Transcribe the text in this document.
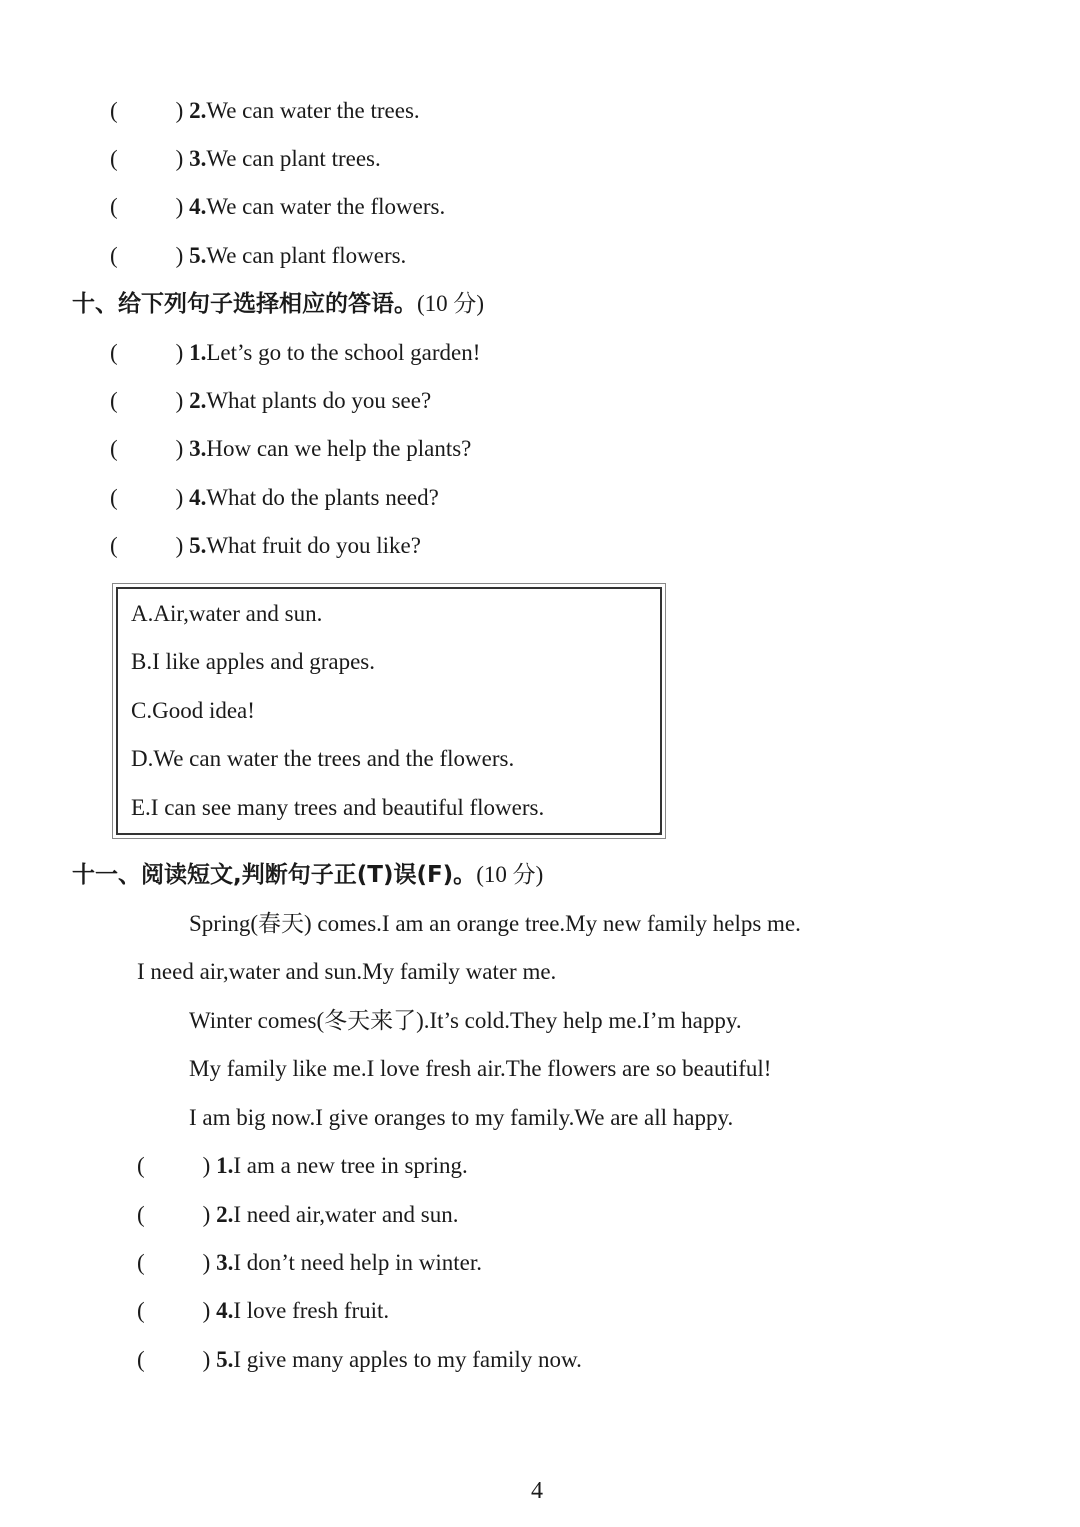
(	) 2.We can water the trees.
(	) 3.We can plant trees.
(	) 4.We can water the flowers.
(	) 5.We can plant flowers.
十、给下列句子选择相应的答语。(10 分)
(	) 1.Let’s go to the school garden!
(	) 2.What plants do you see?
(	) 3.How can we help the plants?
(	) 4.What do the plants need?
(	) 5.What fruit do you like?
A.Air,water and sun.
B.I like apples and grapes.
C.Good idea!
D.We can water the trees and the flowers.
E.I can see many trees and beautiful flowers.
十一、阅读短文,判断句子正(T)误(F)。(10 分)
Spring(春天) comes.I am an orange tree.My new family helps me.
I need air,water and sun.My family water me.
Winter comes(冬天来了).It’s cold.They help me.I’m happy.
My family like me.I love fresh air.The flowers are so beautiful!
I am big now.I give oranges to my family.We are all happy.
(	) 1.I am a new tree in spring.
(	) 2.I need air,water and sun.
(	) 3.I don’t need help in winter.
(	) 4.I love fresh fruit.
(	) 5.I give many apples to my family now.
4
